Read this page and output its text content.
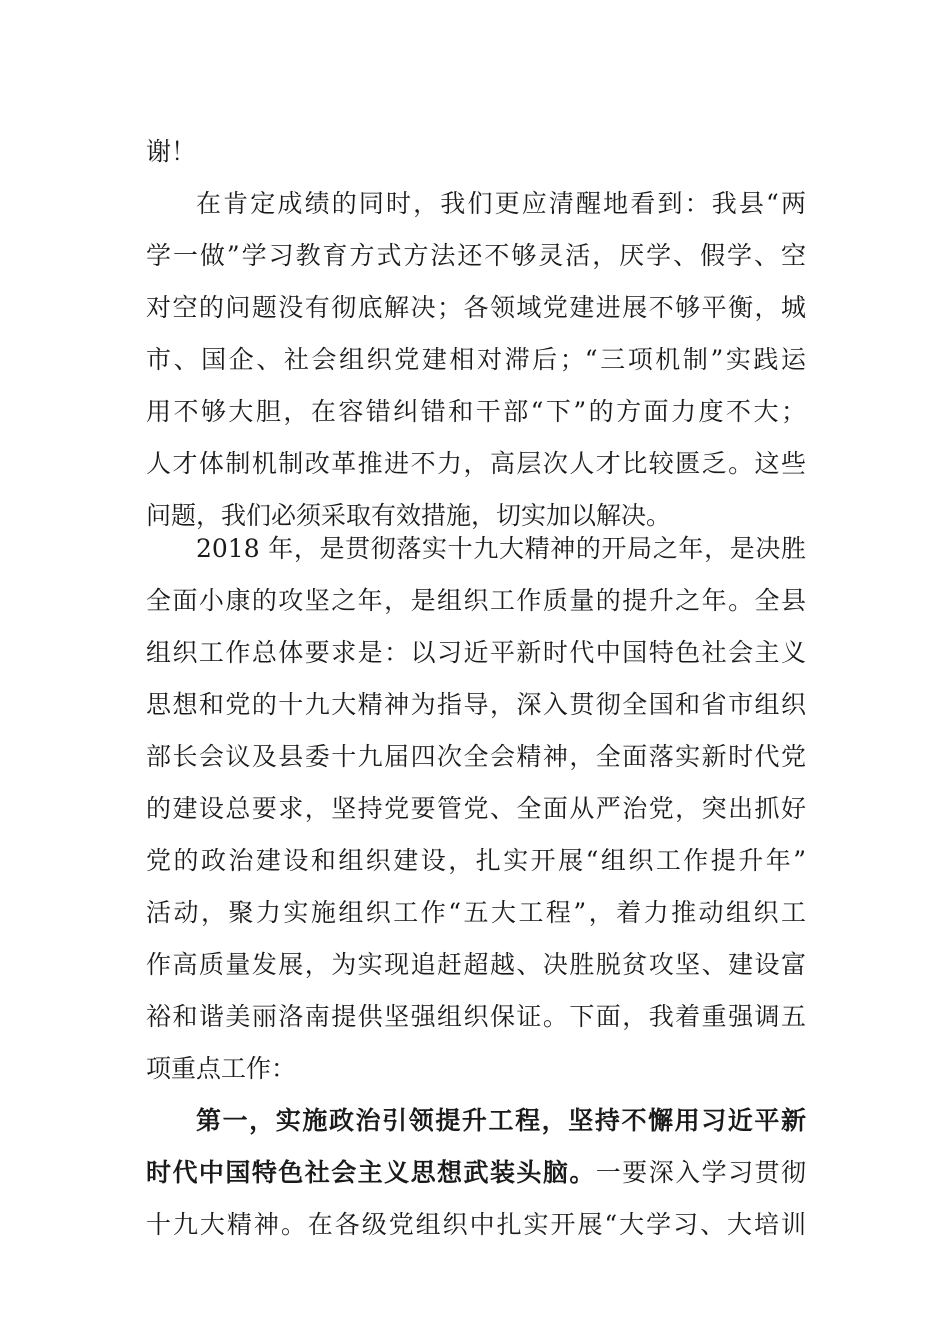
谢！
在肯定成绩的同时，我们更应清醒地看到：我县“两
学一做”学习教育方式方法还不够灵活，厌学、假学、空
对空的问题没有彻底解决；各领域党建进展不够平衡，城
市、国企、社会组织党建相对滞后；“三项机制”实践运
用不够大胆，在容错纠错和干部“下”的方面力度不大；
人才体制机制改革推进不力，高层次人才比较匮乏。这些
问题，我们必须采取有效措施，切实加以解决。
2018 年，是贯彻落实十九大精神的开局之年，是决胜
全面小康的攻坚之年，是组织工作质量的提升之年。全县
组织工作总体要求是：以习近平新时代中国特色社会主义
思想和党的十九大精神为指导，深入贯彻全国和省市组织
部长会议及县委十九届四次全会精神，全面落实新时代党
的建设总要求，坚持党要管党、全面从严治党，突出抓好
党的政治建设和组织建设，扎实开展“组织工作提升年”
活动，聚力实施组织工作“五大工程”，着力推动组织工
作高质量发展，为实现追赶超越、决胜脱贫攻坚、建设富
裕和谐美丽洛南提供坚强组织保证。下面，我着重强调五
项重点工作：
第一，实施政治引领提升工程，坚持不懈用习近平新
时代中国特色社会主义思想武装头脑。一要深入学习贯彻
十九大精神。在各级党组织中扎实开展“大学习、大培训
